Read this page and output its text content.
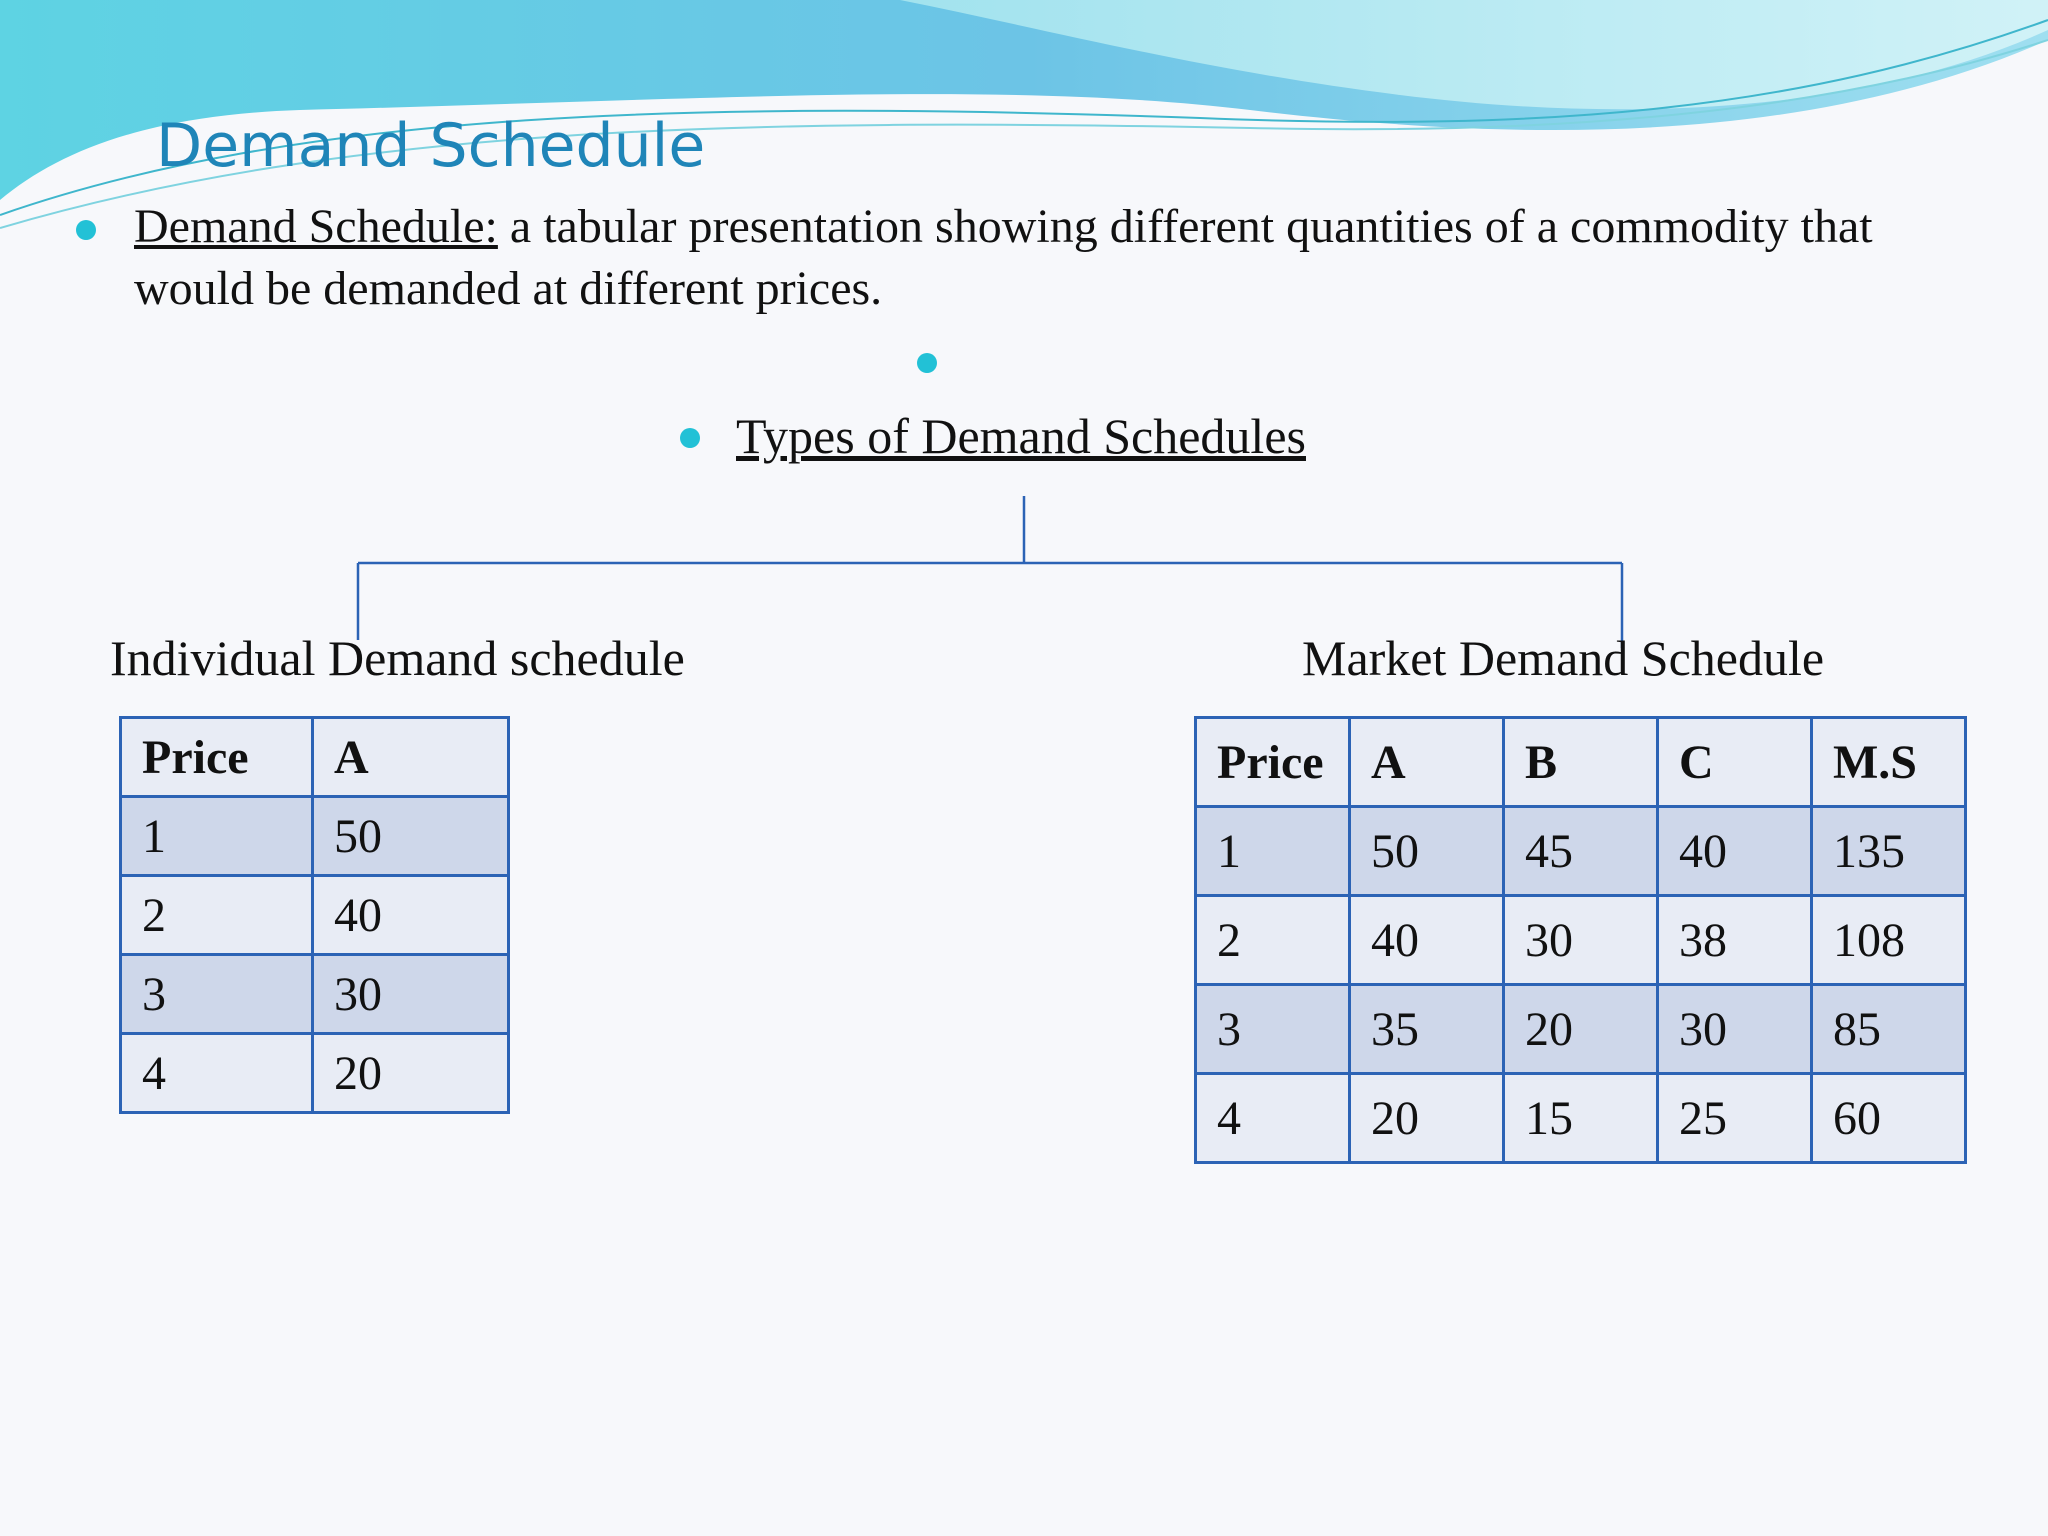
Demand Schedule
Demand Schedule: a tabular presentation showing different quantities of a commodity that would be demanded at different prices.
Types of Demand Schedules
Individual Demand schedule	Market Demand Schedule
Price	A
1	50
2	40
3	30
4	20
Price	A	B	C	M.S
1	50	45	40	135
2	40	30	38	108
3	35	20	30	85
4	20	15	25	60
